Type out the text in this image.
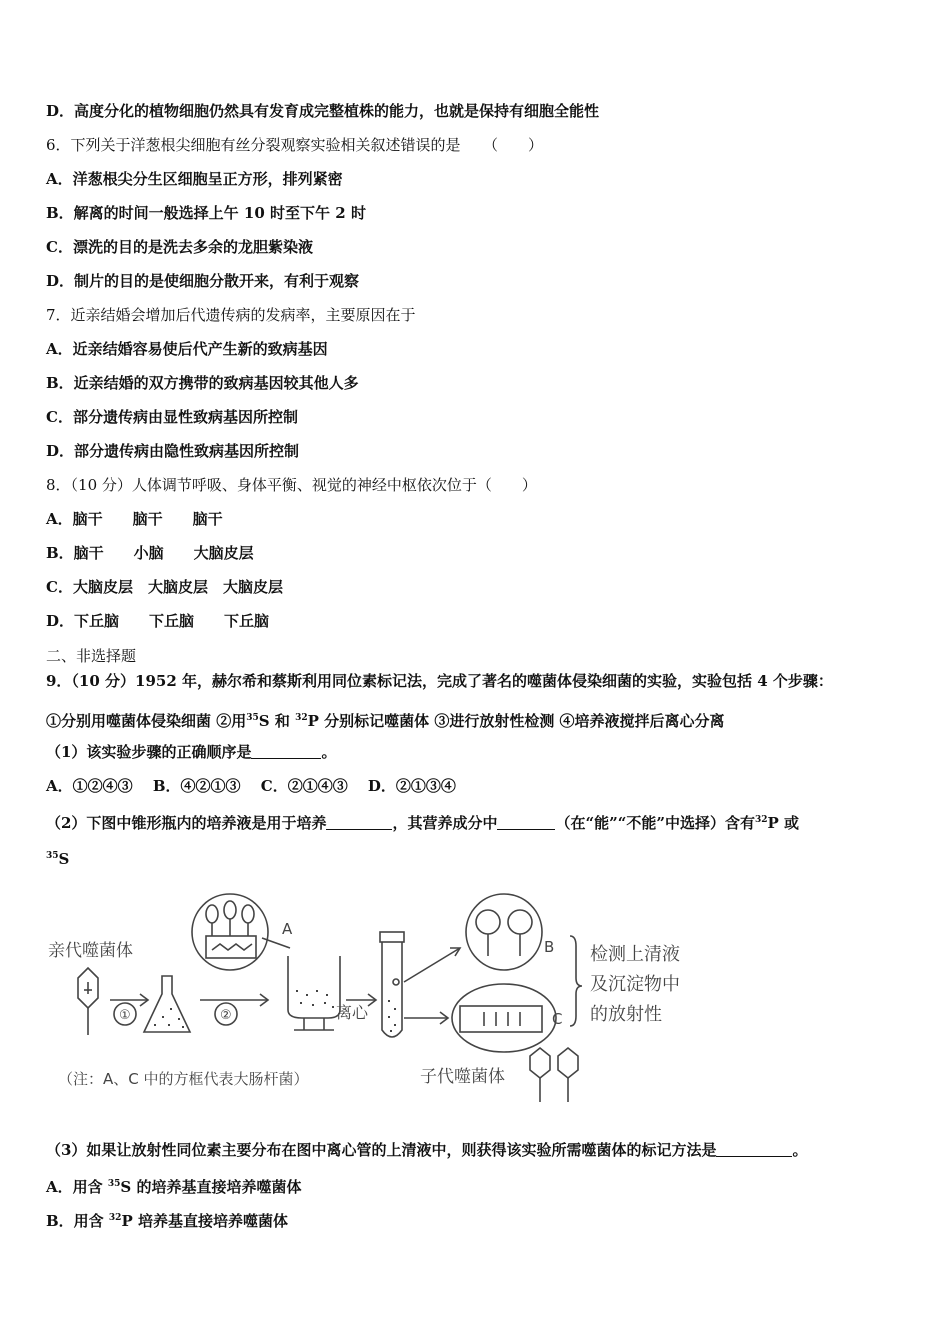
D．高度分化的植物细胞仍然具有发育成完整植株的能力，也就是保持有细胞全能性
6．下列关于洋葱根尖细胞有丝分裂观察实验相关叙述错误的是　　（　　）
A．洋葱根尖分生区细胞呈正方形，排列紧密
B．解离的时间一般选择上午 10 时至下午 2 时
C．漂洗的目的是洗去多余的龙胆紫染液
D．制片的目的是使细胞分散开来，有利于观察
7．近亲结婚会增加后代遗传病的发病率，主要原因在于
A．近亲结婚容易使后代产生新的致病基因
B．近亲结婚的双方携带的致病基因较其他人多
C．部分遗传病由显性致病基因所控制
D．部分遗传病由隐性致病基因所控制
8．（10 分）人体调节呼吸、身体平衡、视觉的神经中枢依次位于（　　）
A．脑干　　脑干　　脑干
B．脑干　　小脑　　大脑皮层
C．大脑皮层　大脑皮层　大脑皮层
D．下丘脑　　下丘脑　　下丘脑
二、非选择题
9．（10 分）1952 年，赫尔希和蔡斯利用同位素标记法，完成了著名的噬菌体侵染细菌的实验，实验包括 4 个步骤：
①分别用噬菌体侵染细菌 ②用$^{35}$S 和 $^{32}$P 分别标记噬菌体 ③进行放射性检测 ④培养液搅拌后离心分离
（1）该实验步骤的正确顺序是	。
A．①②④③　 B．④②①③　 C．②①④③　 D．②①③④
（2）下图中锥形瓶内的培养液是用于培养	，其营养成分中	（在“能”“不能”中选择）含有$^{32}$P 或
$^{35}$S
亲代噬菌体
①	②
A
离心
B
C
检测上清液
及沉淀物中
的放射性
子代噬菌体
（注：A、C 中的方框代表大肠杆菌）
（3）如果让放射性同位素主要分布在图中离心管的上清液中，则获得该实验所需噬菌体的标记方法是	。
A．用含 $^{35}$S 的培养基直接培养噬菌体
B．用含 $^{32}$P 培养基直接培养噬菌体
